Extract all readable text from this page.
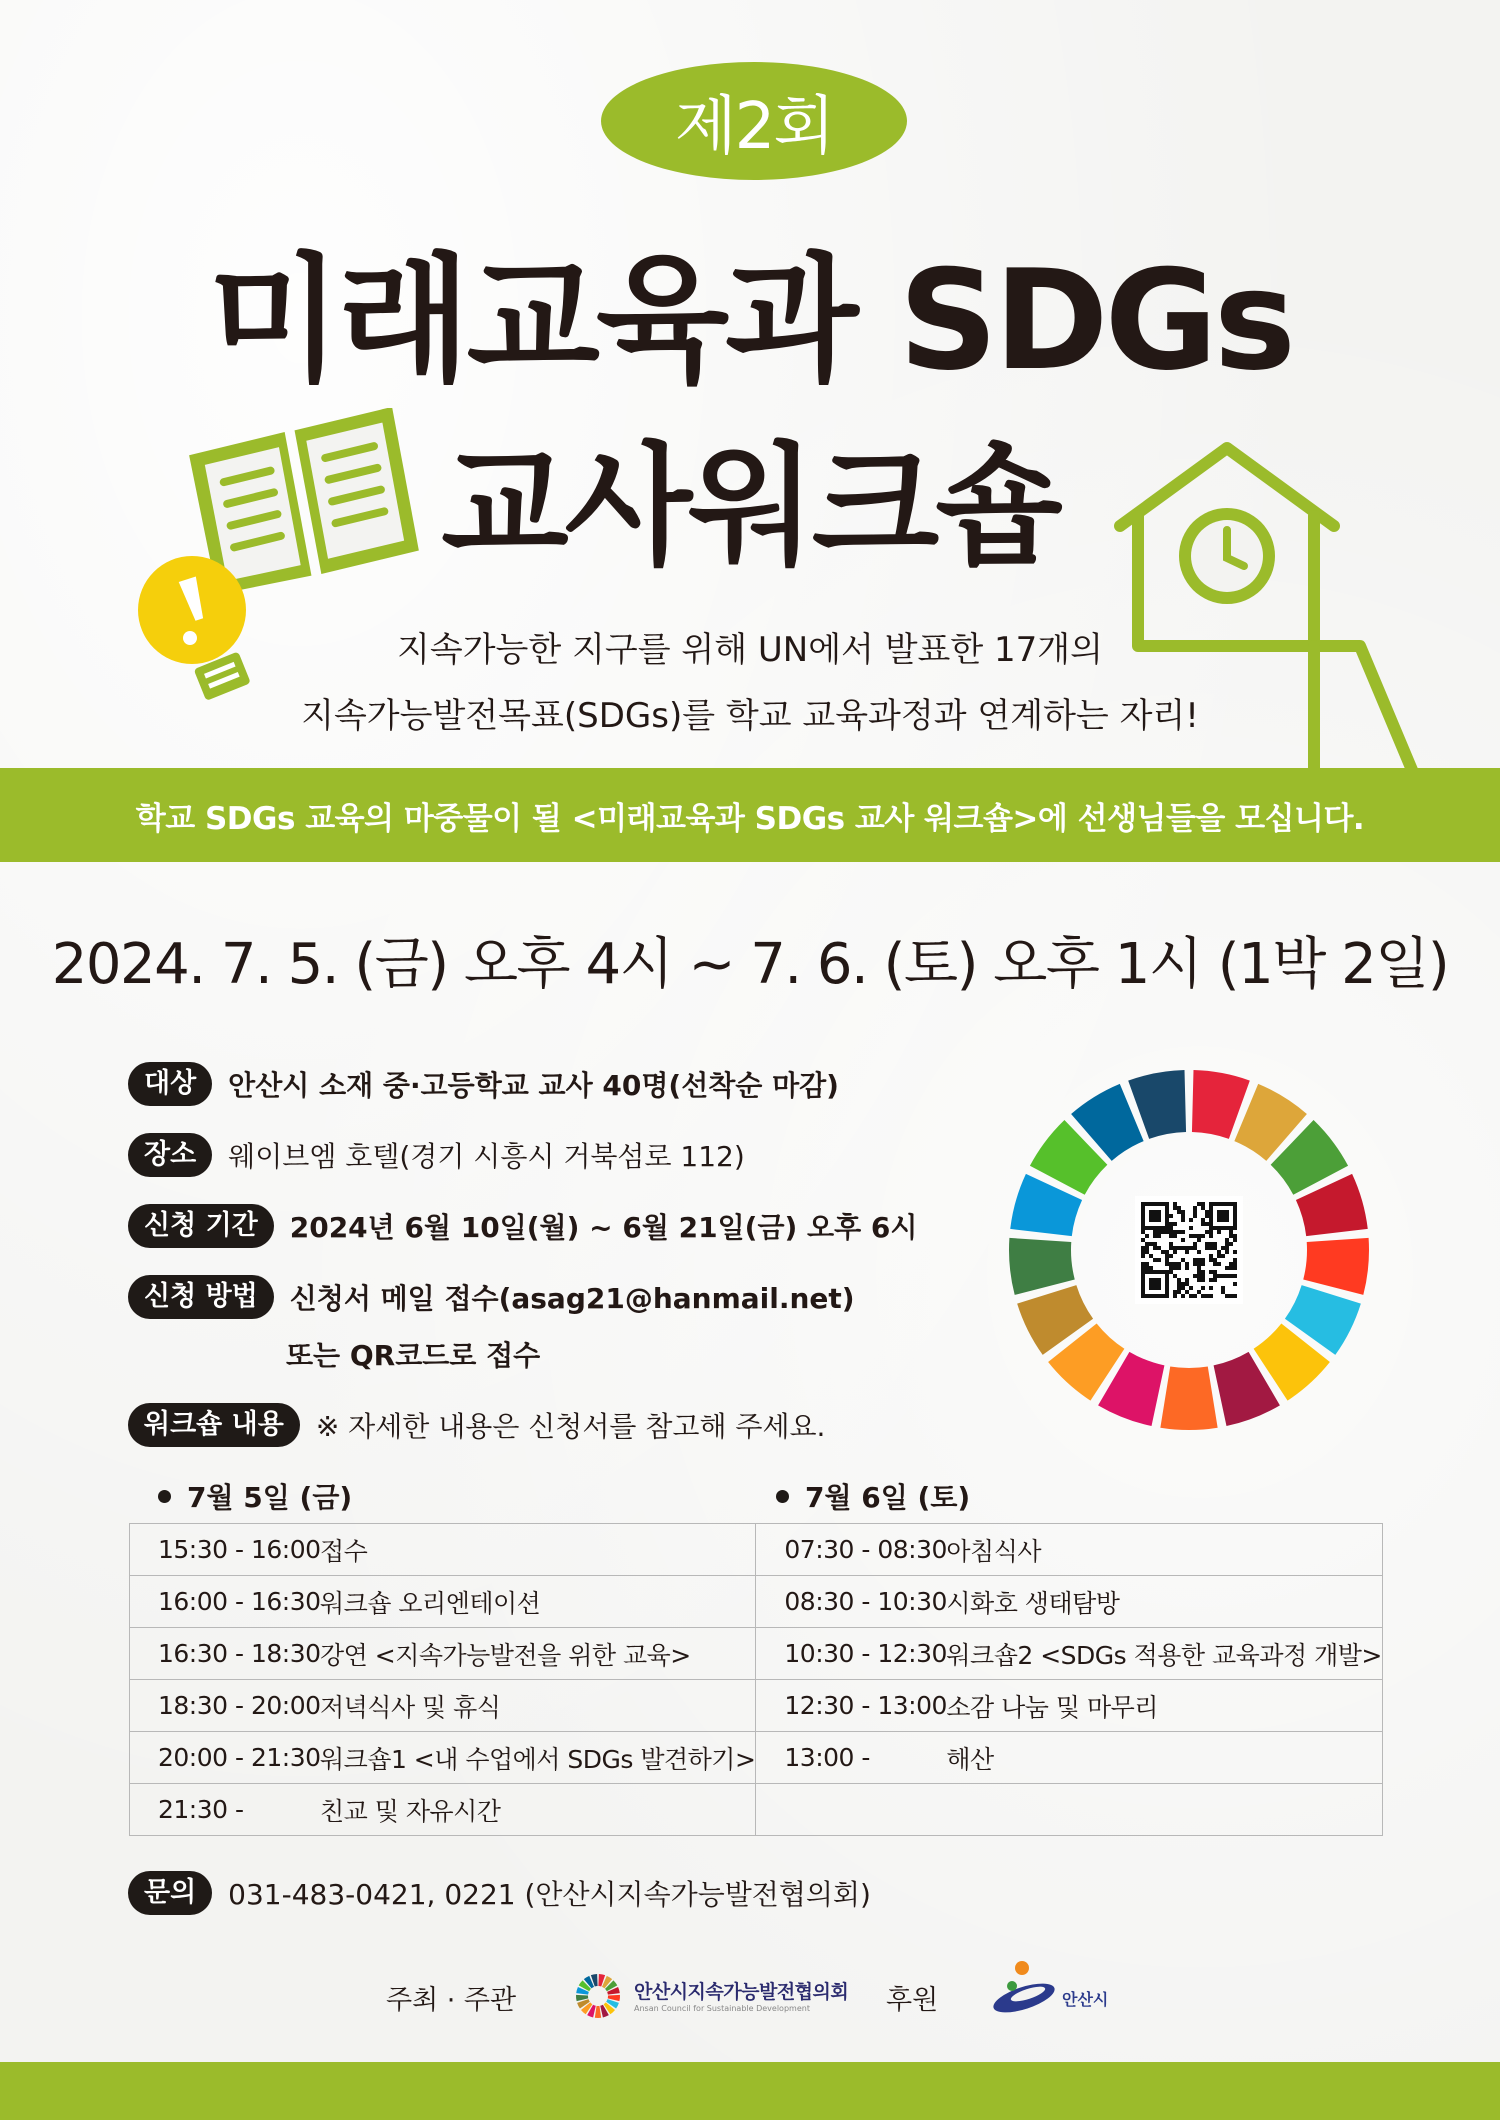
제2회
미래교육과 SDGs
교사워크숍
지속가능한 지구를 위해 UN에서 발표한 17개의
지속가능발전목표(SDGs)를 학교 교육과정과 연계하는 자리!
학교 SDGs 교육의 마중물이 될 <미래교육과 SDGs 교사 워크숍>에 선생님들을 모십니다.
2024. 7. 5. (금) 오후 4시 ~ 7. 6. (토) 오후 1시 (1박 2일)
대상	안산시 소재 중·고등학교 교사 40명(선착순 마감)
장소	웨이브엠 호텔(경기 시흥시 거북섬로 112)
신청 기간	2024년 6월 10일(월) ~ 6월 21일(금) 오후 6시
신청 방법	신청서 메일 접수(asag21@hanmail.net)
또는 QR코드로 접수
워크숍 내용	※ 자세한 내용은 신청서를 참고해 주세요.
7월 5일 (금)	7월 6일 (토)
15:30 - 16:00 접수	07:30 - 08:30 아침식사

16:00 - 16:30 워크숍 오리엔테이션	08:30 - 10:30 시화호 생태탐방

16:30 - 18:30 강연 <지속가능발전을 위한 교육>	10:30 - 12:30 워크숍2 <SDGs 적용한 교육과정 개발>

18:30 - 20:00 저녁식사 및 휴식	12:30 - 13:00 소감 나눔 및 마무리

20:00 - 21:30 워크숍1 <내 수업에서 SDGs 발견하기>	13:00 - 해산

21:30 - 친교 및 자유시간	

문의	031-483-0421, 0221 (안산시지속가능발전협의회)
주최 · 주관	안산시지속가능발전협의회
Ansan Council for Sustainable Development	후원	안산시
